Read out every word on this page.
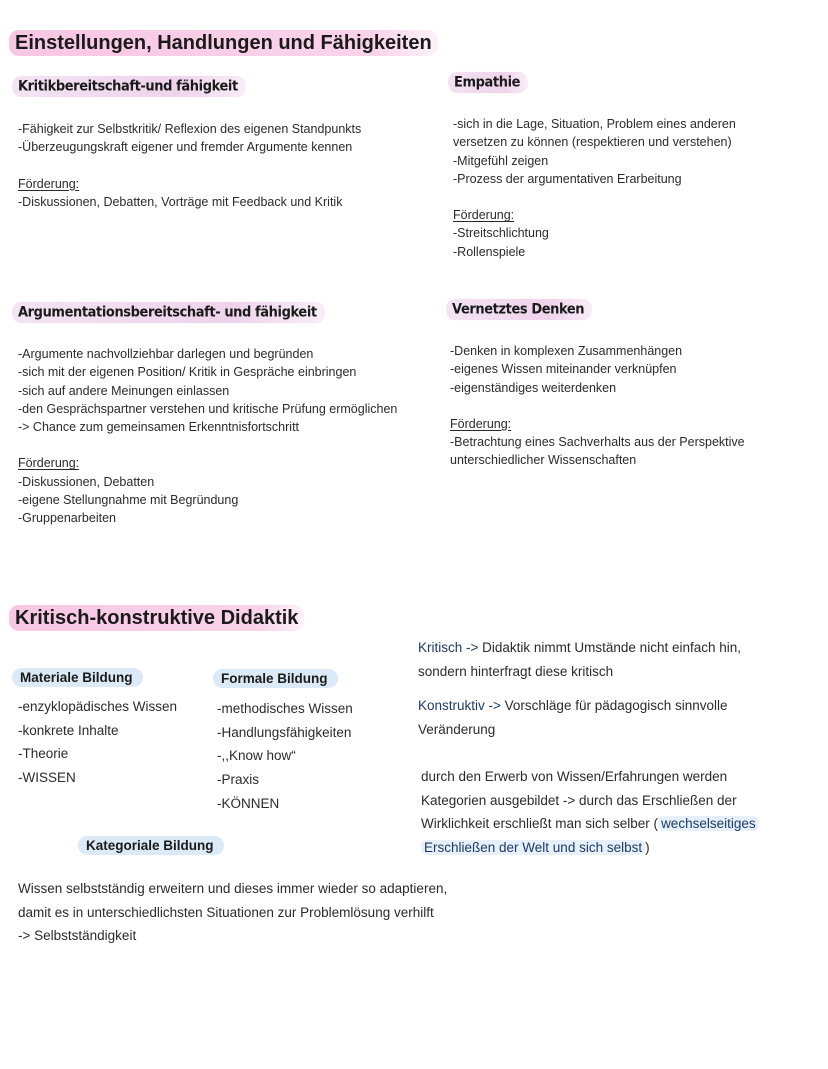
Einstellungen, Handlungen und Fähigkeiten
Kritikbereitschaft-und fähigkeit
-Fähigkeit zur Selbstkritik/ Reflexion des eigenen Standpunkts
-Überzeugungskraft eigener und fremder Argumente kennen
Förderung:
-Diskussionen, Debatten, Vorträge mit Feedback und Kritik
Empathie
-sich in die Lage, Situation, Problem eines anderen
versetzen zu können (respektieren und verstehen)
-Mitgefühl zeigen
-Prozess der argumentativen Erarbeitung
Förderung:
-Streitschlichtung
-Rollenspiele
Argumentationsbereitschaft- und fähigkeit
-Argumente nachvollziehbar darlegen und begründen
-sich mit der eigenen Position/ Kritik in Gespräche einbringen
-sich auf andere Meinungen einlassen
-den Gesprächspartner verstehen und kritische Prüfung ermöglichen
-> Chance zum gemeinsamen Erkenntnisfortschritt
Förderung:
-Diskussionen, Debatten
-eigene Stellungnahme mit Begründung
-Gruppenarbeiten
Vernetztes Denken
-Denken in komplexen Zusammenhängen
-eigenes Wissen miteinander verknüpfen
-eigenständiges weiterdenken
Förderung:
-Betrachtung eines Sachverhalts aus der Perspektive
unterschiedlicher Wissenschaften
Kritisch-konstruktive Didaktik
Materiale Bildung
-enzyklopädisches Wissen
-konkrete Inhalte
-Theorie
-WISSEN
Formale Bildung
-methodisches Wissen
-Handlungsfähigkeiten
-,,Know how“
-Praxis
-KÖNNEN
Kategoriale Bildung
Wissen selbstständig erweitern und dieses immer wieder so adaptieren,
damit es in unterschiedlichsten Situationen zur Problemlösung verhilft
-> Selbstständigkeit
Kritisch -> Didaktik nimmt Umstände nicht einfach hin,
sondern hinterfragt diese kritisch
Konstruktiv -> Vorschläge für pädagogisch sinnvolle
Veränderung
durch den Erwerb von Wissen/Erfahrungen werden
Kategorien ausgebildet -> durch das Erschließen der
Wirklichkeit erschließt man sich selber ( wechselseitiges
Erschließen der Welt und sich selbst )
